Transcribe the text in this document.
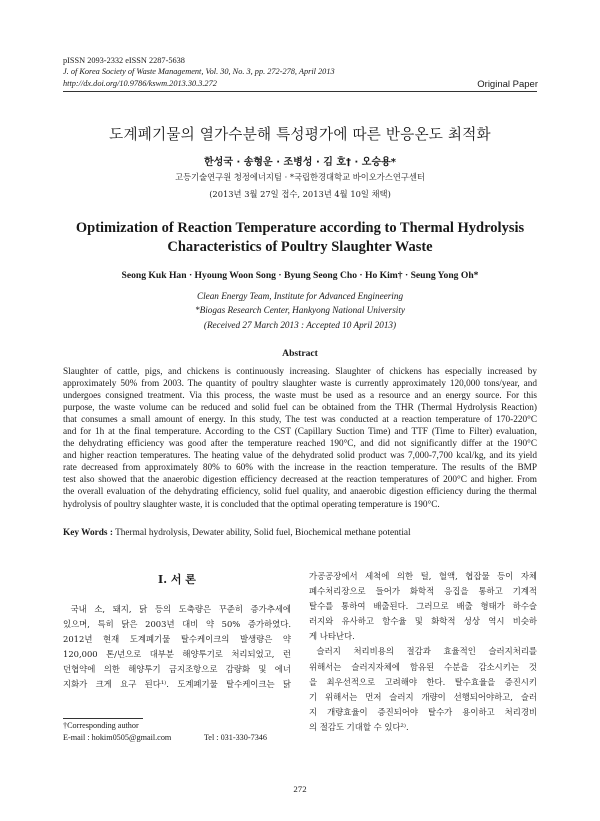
pISSN 2093-2332 eISSN 2287-5638
J. of Korea Society of Waste Management, Vol. 30, No. 3, pp. 272-278, April 2013
http://dx.doi.org/10.9786/kswm.2013.30.3.272	Original Paper
도계폐기물의 열가수분해 특성평가에 따른 반응온도 최적화
한성국 · 송형운 · 조병성 · 김 호† · 오승용*
고등기술연구원 청정에너지팀 · *국립한경대학교 바이오가스연구센터
(2013년 3월 27일 접수, 2013년 4월 10일 채택)
Optimization of Reaction Temperature according to Thermal Hydrolysis
Characteristics of Poultry Slaughter Waste
Seong Kuk Han · Hyoung Woon Song · Byung Seong Cho · Ho Kim† · Seung Yong Oh*
Clean Energy Team, Institute for Advanced Engineering
*Biogas Research Center, Hankyong National University
(Received 27 March 2013 : Accepted 10 April 2013)
Abstract
Slaughter of cattle, pigs, and chickens is continuously increasing. Slaughter of chickens has especially increased by
approximately 50% from 2003. The quantity of poultry slaughter waste is currently approximately 120,000 tons/year, and
undergoes consigned treatment. Via this process, the waste must be used as a resource and an energy source. For this
purpose, the waste volume can be reduced and solid fuel can be obtained from the THR (Thermal Hydrolysis Reaction)
that consumes a small amount of energy. In this study, The test was conducted at a reaction temperature of 170-220°C
and for 1h at the final temperature. According to the CST (Capillary Suction Time) and TTF (Time to Filter) evaluation,
the dehydrating efficiency was good after the temperature reached 190°C, and did not significantly differ at the 190°C
and higher reaction temperatures. The heating value of the dehydrated solid product was 7,000-7,700 kcal/kg, and its yield
rate decreased from approximately 80% to 60% with the increase in the reaction temperature. The results of the BMP
test also showed that the anaerobic digestion efficiency decreased at the reaction temperatures of 200°C and higher. From
the overall evaluation of the dehydrating efficiency, solid fuel quality, and anaerobic digestion efficiency during the thermal
hydrolysis of poultry slaughter waste, it is concluded that the optimal operating temperature is 190°C.
Key Words : Thermal hydrolysis, Dewater ability, Solid fuel, Biochemical methane potential
I. 서 론
국내 소, 돼지, 닭 등의 도축량은 꾸준히 증가추세에
있으며, 특히 닭은 2003년 대비 약 50% 증가하였다.
2012년 현재 도계폐기물 탈수케이크의 발생량은 약
120,000 톤/년으로 대부분 해양투기로 처리되었고, 런
던협약에 의한 해양투기 금지조항으로 감량화 및 에너
지화가 크게 요구 된다¹⁾. 도계폐기물 탈수케이크는 닭
가공공장에서 세척에 의한 털, 혈액, 협잡물 등이 자체
폐수처리장으로 들어가 화학적 응집을 통하고 기계적
탈수를 통하여 배출된다. 그러므로 배출 형태가 하수슬
러지와 유사하고 함수율 및 화학적 성상 역시 비슷하
게 나타난다.
슬러지 처리비용의 절감과 효율적인 슬러지처리를
위해서는 슬러지자체에 함유된 수분을 감소시키는 것
을 최우선적으로 고려해야 한다. 탈수효율을 증진시키
기 위해서는 먼저 슬러지 개량이 선행되어야하고, 슬러
지 개량효율이 증진되어야 탈수가 용이하고 처리경비
의 절감도 기대할 수 있다²⁾.
†Corresponding author
E-mail : hokim0505@gmail.com                Tel : 031-330-7346
272
